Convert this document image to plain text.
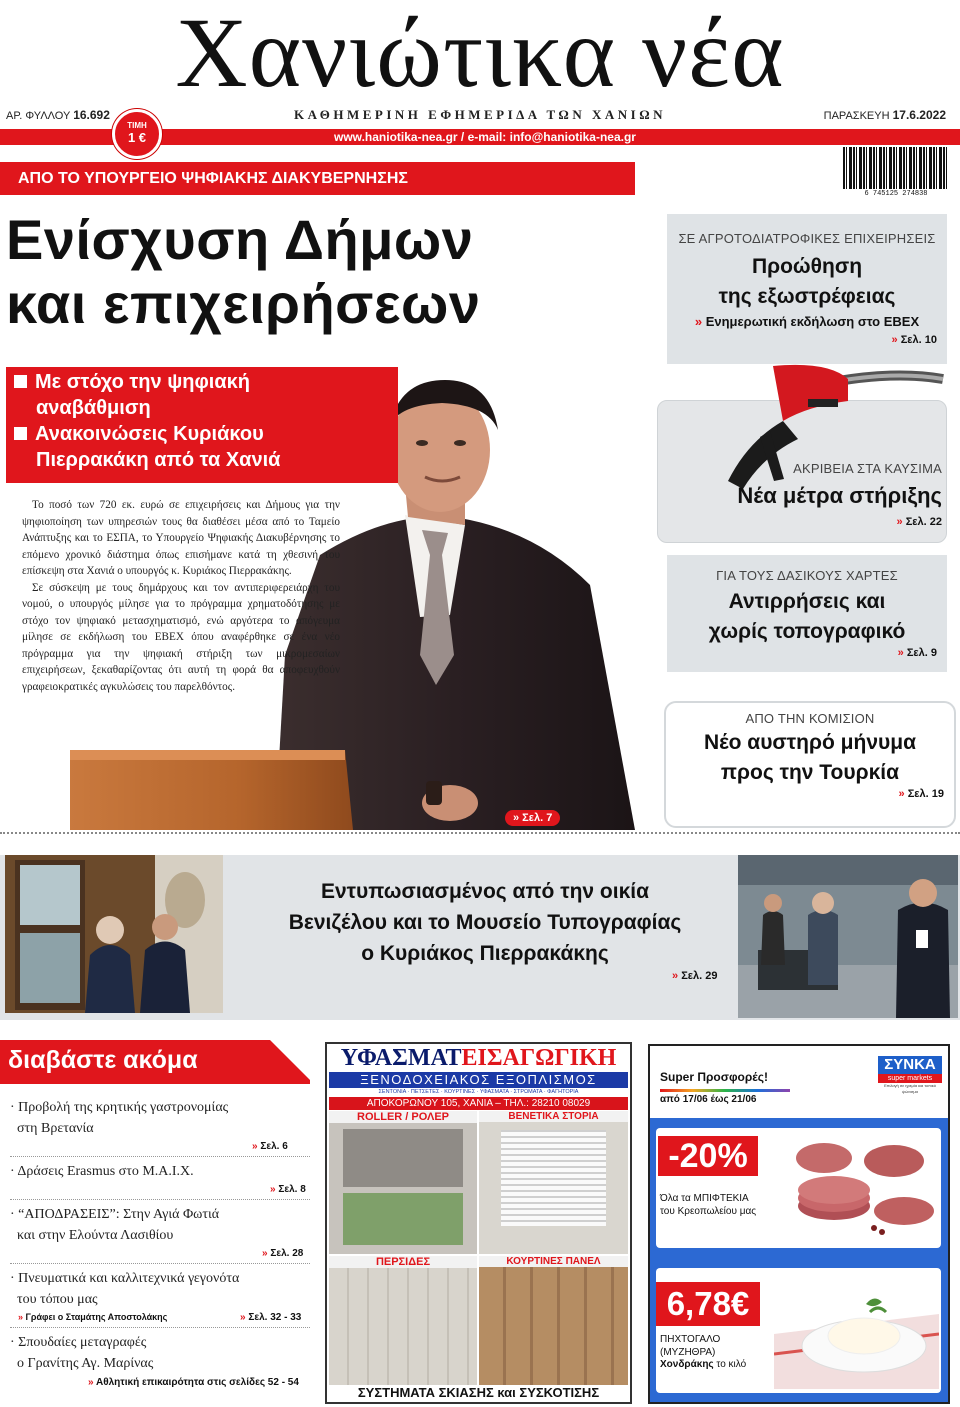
Χανιώτικα νέα
ΑΡ. ΦΥΛΛΟΥ 16.692	ΚΑΘΗΜΕΡΙΝΗ ΕΦΗΜΕΡΙΔΑ ΤΩΝ ΧΑΝΙΩΝ	ΠΑΡΑΣΚΕΥΗ 17.6.2022
www.haniotika-nea.gr / e-mail: info@haniotika-nea.gr
ΤΙΜΗ
1 €
6 745125 274838
ΑΠΟ ΤΟ ΥΠΟΥΡΓΕΙΟ ΨΗΦΙΑΚΗΣ ΔΙΑΚΥΒΕΡΝΗΣΗΣ
Ενίσχυση Δήμων
και επιχειρήσεων
Με στόχο την ψηφιακή
αναβάθμιση
Ανακοινώσεις Κυριάκου
Πιερρακάκη από τα Χανιά

Το ποσό των 720 εκ. ευρώ σε επιχειρήσεις και Δήμους για την ψηφιοποίηση των υπηρεσιών τους θα διαθέσει μέσα από το Ταμείο Ανάπτυξης και το ΕΣΠΑ, το Υπουργείο Ψηφιακής Διακυβέρνησης το επόμενο χρονικό διάστημα όπως επισήμανε κατά τη χθεσινή του επίσκεψη στα Χανιά ο υπουργός κ. Κυριάκος Πιερρακάκης.

Σε σύσκεψη με τους δημάρχους και τον αντιπεριφερειάρχη του νομού, ο υπουργός μίλησε για το πρόγραμμα χρηματοδότησης με στόχο τον ψηφιακό μετασχηματισμό, ενώ αργότερα το απόγευμα μίλησε σε εκδήλωση του ΕΒΕΧ όπου αναφέρθηκε σε ένα νέο πρόγραμμα για την ψηφιακή στήριξη των μικρομεσαίων επιχειρήσεων, ξεκαθαρίζοντας ότι αυτή τη φορά θα αποφευχθούν γραφειοκρατικές αγκυλώσεις του παρελθόντος.

» Σελ. 7
ΣΕ ΑΓΡΟΤΟΔΙΑΤΡΟΦΙΚΕΣ ΕΠΙΧΕΙΡΗΣΕΙΣ
Προώθηση
της εξωστρέφειας
» Ενημερωτική εκδήλωση στο ΕΒΕΧ
» Σελ. 10
ΑΚΡΙΒΕΙΑ ΣΤΑ ΚΑΥΣΙΜΑ
Νέα μέτρα στήριξης
» Σελ. 22
ΓΙΑ ΤΟΥΣ ΔΑΣΙΚΟΥΣ ΧΑΡΤΕΣ
Αντιρρήσεις και
χωρίς τοπογραφικό
» Σελ. 9
ΑΠΟ ΤΗΝ ΚΟΜΙΣΙΟΝ
Νέο αυστηρό μήνυμα
προς την Τουρκία
» Σελ. 19
Εντυπωσιασμένος από την οικία
Βενιζέλου και το Μουσείο Τυπογραφίας
ο Κυριάκος Πιερρακάκης
» Σελ. 29
διαβάστε ακόμα
· Προβολή της κρητικής γαστρονομίας
στη Βρετανία
» Σελ. 6
· Δράσεις Erasmus στο Μ.Α.Ι.Χ.
» Σελ. 8
· “ΑΠΟΔΡΑΣΕΙΣ”: Στην Αγιά Φωτιά
και στην Ελούντα Λασιθίου
» Σελ. 28
· Πνευματικά και καλλιτεχνικά γεγονότα
του τόπου μας
» Γράφει ο Σταμάτης Αποστολάκης	» Σελ. 32 - 33
· Σπουδαίες μεταγραφές
ο Γρανίτης Αγ. Μαρίνας
» Αθλητική επικαιρότητα στις σελίδες 52 - 54
ΥΦΑΣΜΑΤΕΙΣΑΓΩΓΙΚΗ
ΞΕΝΟΔΟΧΕΙΑΚΟΣ ΕΞΟΠΛΙΣΜΟΣ
ΣΕΝΤΟΝΙΑ · ΠΕΤΣΕΤΕΣ · ΚΟΥΡΤΙΝΕΣ · ΥΦΑΣΜΑΤΑ · ΣΤΡΩΜΑΤΑ · ΦΑΓΗΤΟΡΙΑ
ΑΠΟΚΟΡΩΝΟΥ 105, ΧΑΝΙΑ – ΤΗΛ.: 28210 08029
ROLLER / ΡΟΛΕΡ	ΒΕΝΕΤΙΚΑ ΣΤΟΡΙΑ
ΠΕΡΣΙΔΕΣ	ΚΟΥΡΤΙΝΕΣ ΠΑΝΕΛ
ΣΥΣΤΗΜΑΤΑ ΣΚΙΑΣΗΣ και ΣΥΣΚΟΤΙΣΗΣ
Super Προσφορές!
από 17/06 έως 21/06
ΣΥΝΚΑ
super markets
Επιλογή σε ηρεμία και τοπικό ψώνισμα
-20%
Όλα τα ΜΠΙΦΤΕΚΙΑ
του Κρεοπωλείου μας
6,78€
ΠΗΧΤΟΓΑΛΟ
(ΜΥΖΗΘΡΑ)
Χονδράκης το κιλό
